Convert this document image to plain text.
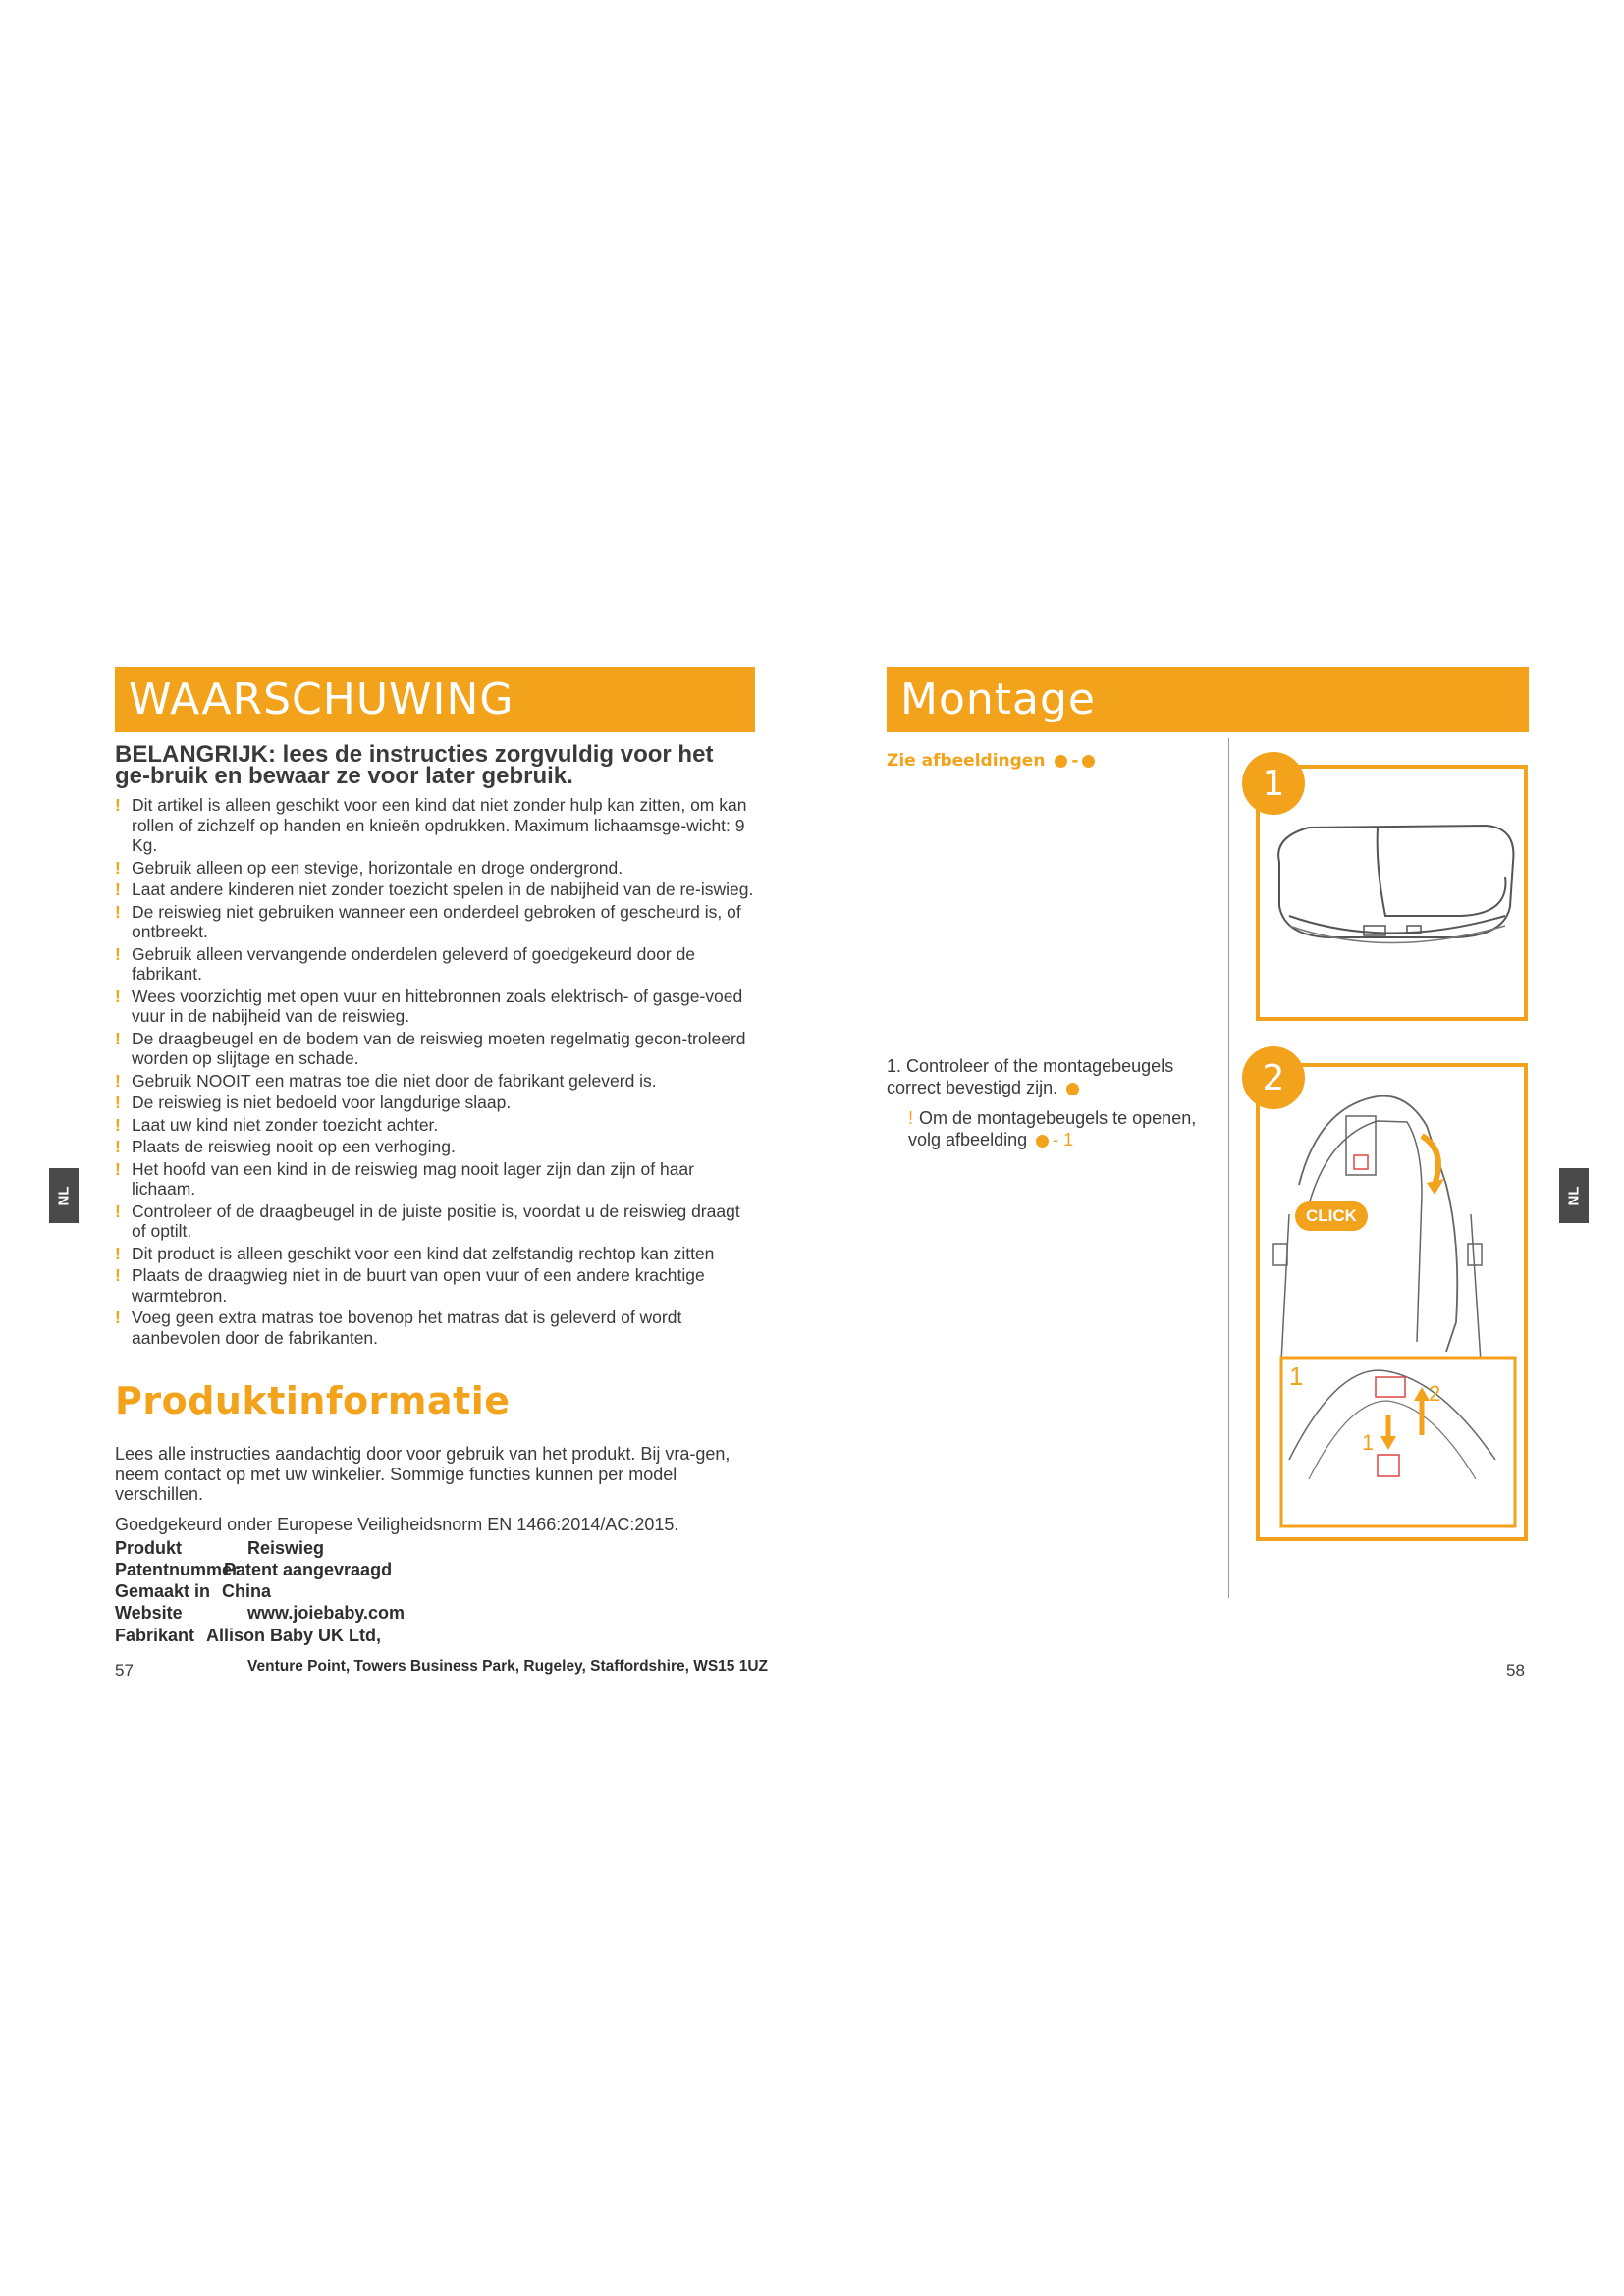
WAARSCHUWING
BELANGRIJK: lees de instructies zorgvuldig voor het ge-bruik en bewaar ze voor later gebruik.
! Dit artikel is alleen geschikt voor een kind dat niet zonder hulp kan zitten, om kan rollen of zichzelf op handen en knieën opdrukken. Maximum lichaamsge-wicht: 9 Kg.
! Gebruik alleen op een stevige, horizontale en droge ondergrond.
! Laat andere kinderen niet zonder toezicht spelen in de nabijheid van de re-iswieg.
! De reiswieg niet gebruiken wanneer een onderdeel gebroken of gescheurd is, of ontbreekt.
! Gebruik alleen vervangende onderdelen geleverd of goedgekeurd door de fabrikant.
! Wees voorzichtig met open vuur en hittebronnen zoals elektrisch- of gasge-voed vuur in de nabijheid van de reiswieg.
! De draagbeugel en de bodem van de reiswieg moeten regelmatig gecon-troleerd worden op slijtage en schade.
! Gebruik NOOIT een matras toe die niet door de fabrikant geleverd is.
! De reiswieg is niet bedoeld voor langdurige slaap.
! Laat uw kind niet zonder toezicht achter.
! Plaats de reiswieg nooit op een verhoging.
! Het hoofd van een kind in de reiswieg mag nooit lager zijn dan zijn of haar lichaam.
! Controleer of de draagbeugel in de juiste positie is, voordat u de reiswieg draagt of optilt.
! Dit product is alleen geschikt voor een kind dat zelfstandig rechtop kan zitten
! Plaats de draagwieg niet in de buurt van open vuur of een andere krachtige warmtebron.
! Voeg geen extra matras toe bovenop het matras dat is geleverd of wordt aanbevolen door de fabrikanten.
Produktinformatie
Lees alle instructies aandachtig door voor gebruik van het produkt. Bij vra-gen, neem contact op met uw winkelier. Sommige functies kunnen per model verschillen.
Goedgekeurd onder Europese Veiligheidsnorm EN 1466:2014/AC:2015.
Produkt	Reiswieg
Patentnummer
Patent aangevraagd
Gemaakt in China
Website	www.joiebaby.com
Fabrikant Allison Baby UK Ltd,
Venture Point, Towers Business Park, Rugeley, Staffordshire, WS15 1UZ
57
NL
Montage
Zie afbeeldingen -
1. Controleer of the montagebeugels correct bevestigd zijn.
! Om de montagebeugels te openen, volg afbeelding - 1
1
CLICK
1
1
2
2
58
NL
